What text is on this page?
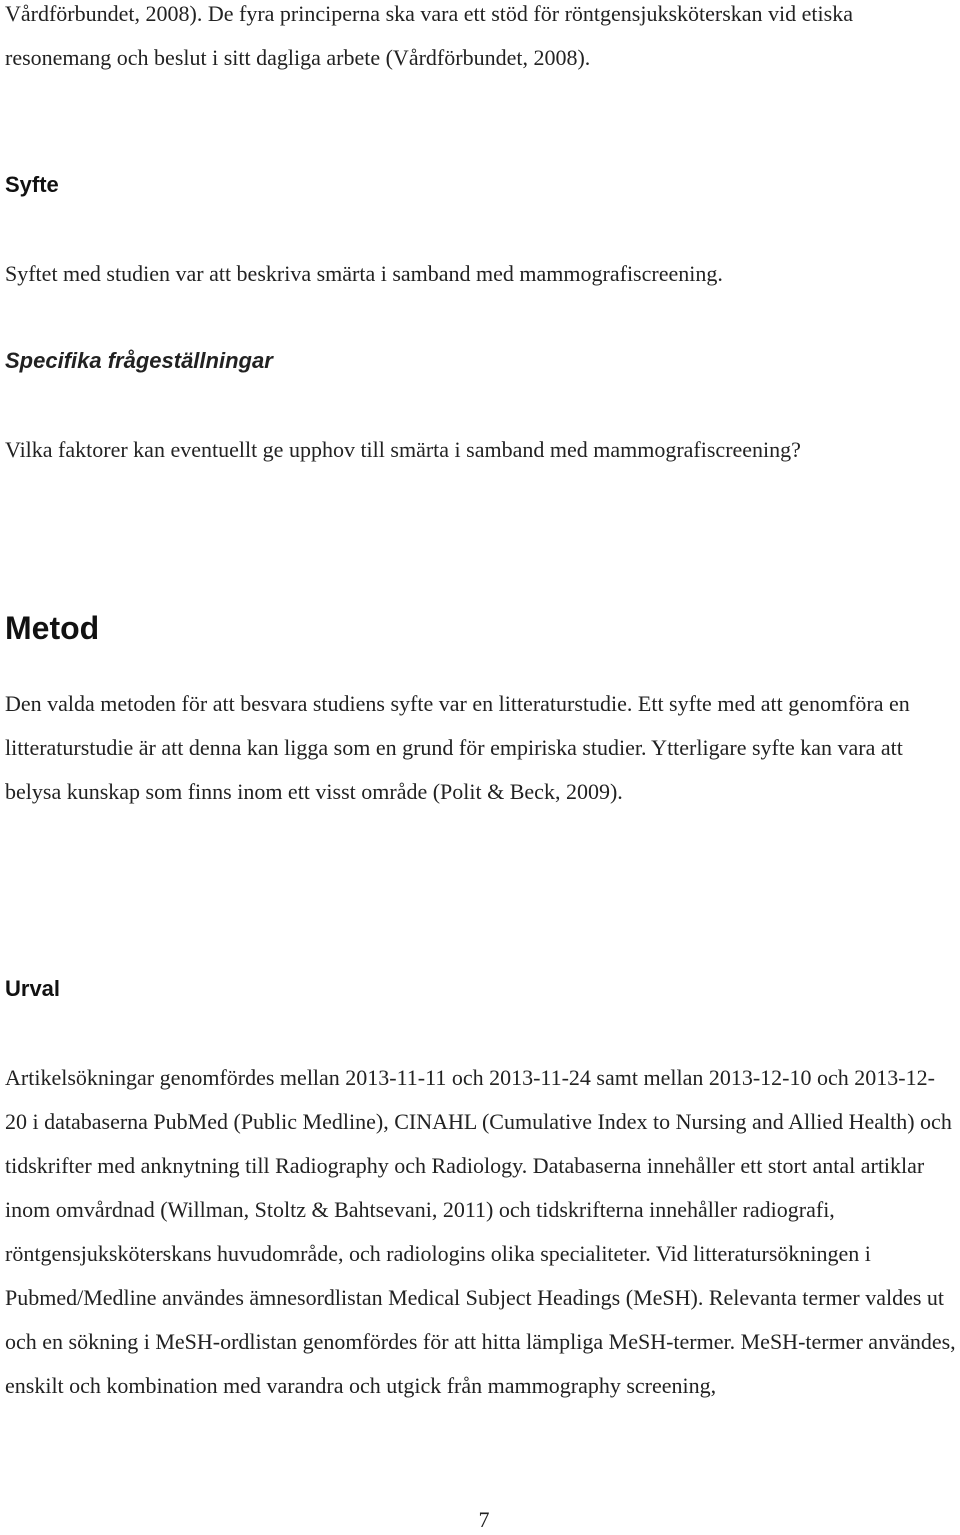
Vårdförbundet, 2008). De fyra principerna ska vara ett stöd för röntgensjuksköterskan vid etiska resonemang och beslut i sitt dagliga arbete (Vårdförbundet, 2008).

Syfte

Syftet med studien var att beskriva smärta i samband med mammografiscreening.

Specifika frågeställningar

Vilka faktorer kan eventuellt ge upphov till smärta i samband med mammografiscreening?

Metod

Den valda metoden för att besvara studiens syfte var en litteraturstudie. Ett syfte med att genomföra en litteraturstudie är att denna kan ligga som en grund för empiriska studier. Ytterligare syfte kan vara att belysa kunskap som finns inom ett visst område (Polit & Beck, 2009).

Urval

Artikelsökningar genomfördes mellan 2013-11-11 och 2013-11-24 samt mellan 2013-12-10 och 2013-12- 20 i databaserna PubMed (Public Medline), CINAHL (Cumulative Index to Nursing and Allied Health) och tidskrifter med anknytning till Radiography och Radiology. Databaserna innehåller ett stort antal artiklar inom omvårdnad (Willman, Stoltz & Bahtsevani, 2011) och tidskrifterna innehåller radiografi, röntgensjuksköterskans huvudområde, och radiologins olika specialiteter. Vid litteratursökningen i Pubmed/Medline användes ämnesordlistan Medical Subject Headings (MeSH). Relevanta termer valdes ut och en sökning i MeSH-ordlistan genomfördes för att hitta lämpliga MeSH-termer. MeSH-termer användes, enskilt och kombination med varandra och utgick från mammography screening,

7
